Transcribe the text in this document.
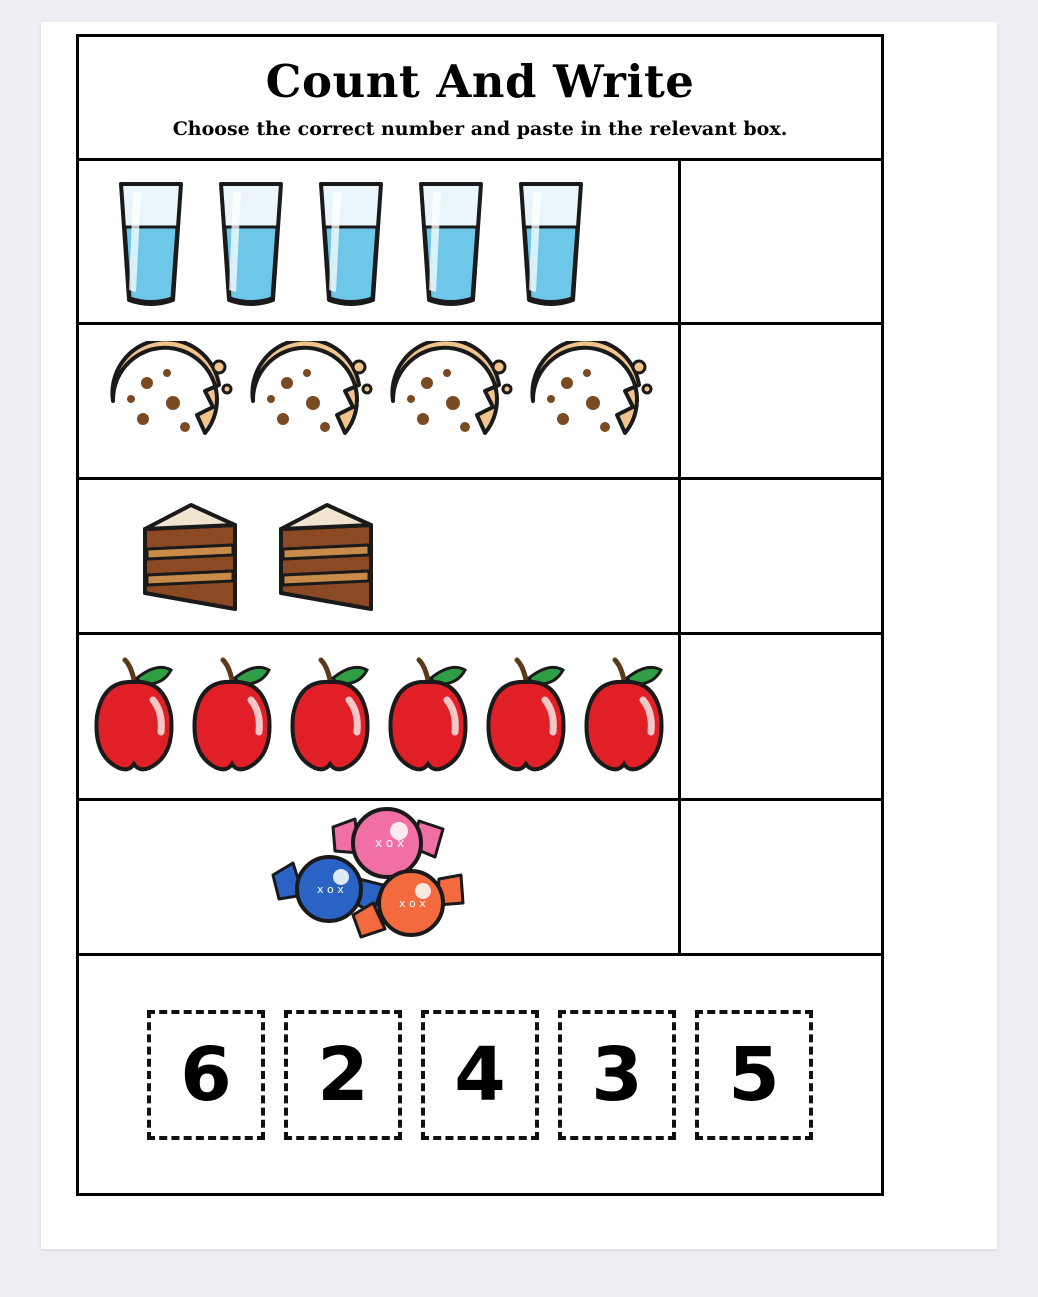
Count And Write
Choose the correct number and paste in the relevant box.
x o x
x o x
x o x
6 2 4 3 5
